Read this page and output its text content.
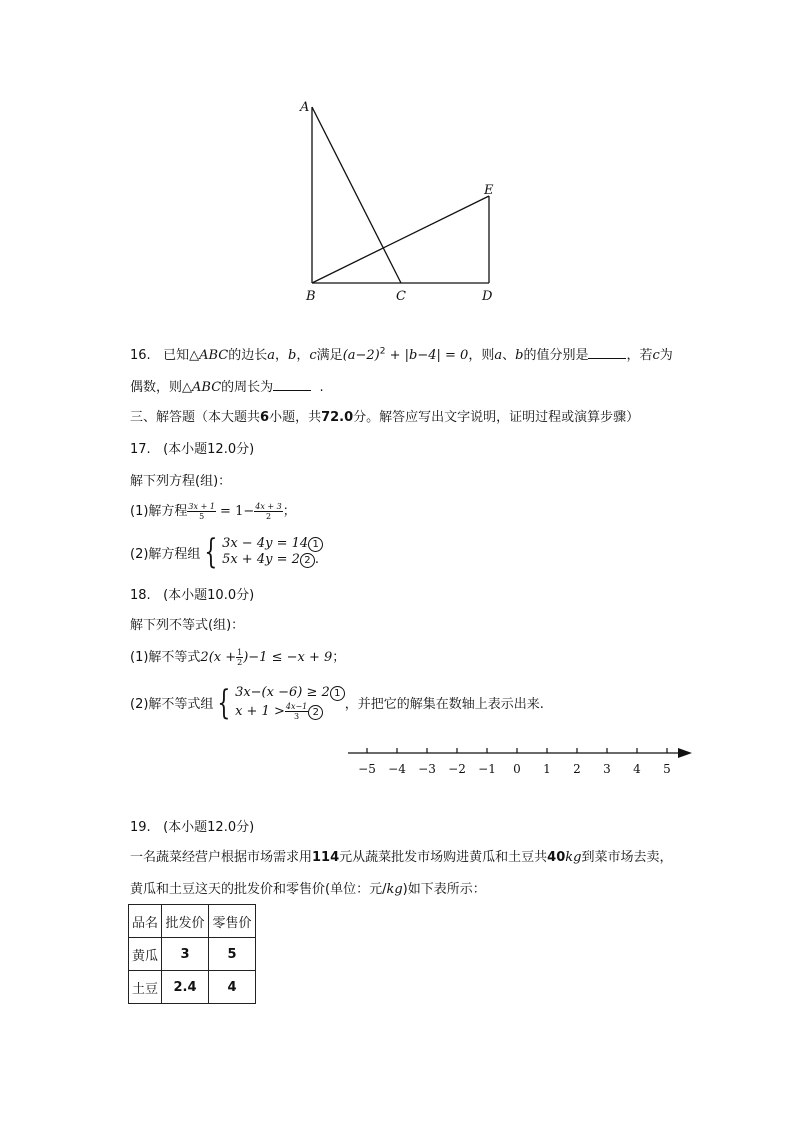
A
B	C	D
E
16. 已知△ABC的边长a，b，c满足$(a-2)^2 + |b-4| = 0$，则a、b的值分别是	，若c为
偶数，则△ABC的周长为	.
三、解答题（本大题共6小题，共72.0分。解答应写出文字说明，证明过程或演算步骤）
17. (本小题12.0分)
解下列方程(组)：
(1)解方程 $\frac{3x + 1}{5} = 1- \frac{4x + 3}{2}$ ；
(2)解方程组 { 3x − 4y = 14 1
5x + 4y = 2 2 .
18. (本小题10.0分)
解下列不等式(组)：
(1)解不等式$2(x + \frac{1}{2} )-1 \le -x + 9$；
(2)解不等式组 { 3x−(x −6) ≥ 2 1
$x + 1 > \frac{4x-1}{3} 2$，并把它的解集在数轴上表示出来.
−5 −4 −3 −2 −1 0 1 2 3 4 5
19. (本小题12.0分)
一名蔬菜经营户根据市场需求用114元从蔬菜批发市场购进黄瓜和土豆共40kg到菜市场去卖，
黄瓜和土豆这天的批发价和零售价(单位：元/kg)如下表所示：
品名	批发价	零售价
黄瓜	3	5
土豆	2.4	4
